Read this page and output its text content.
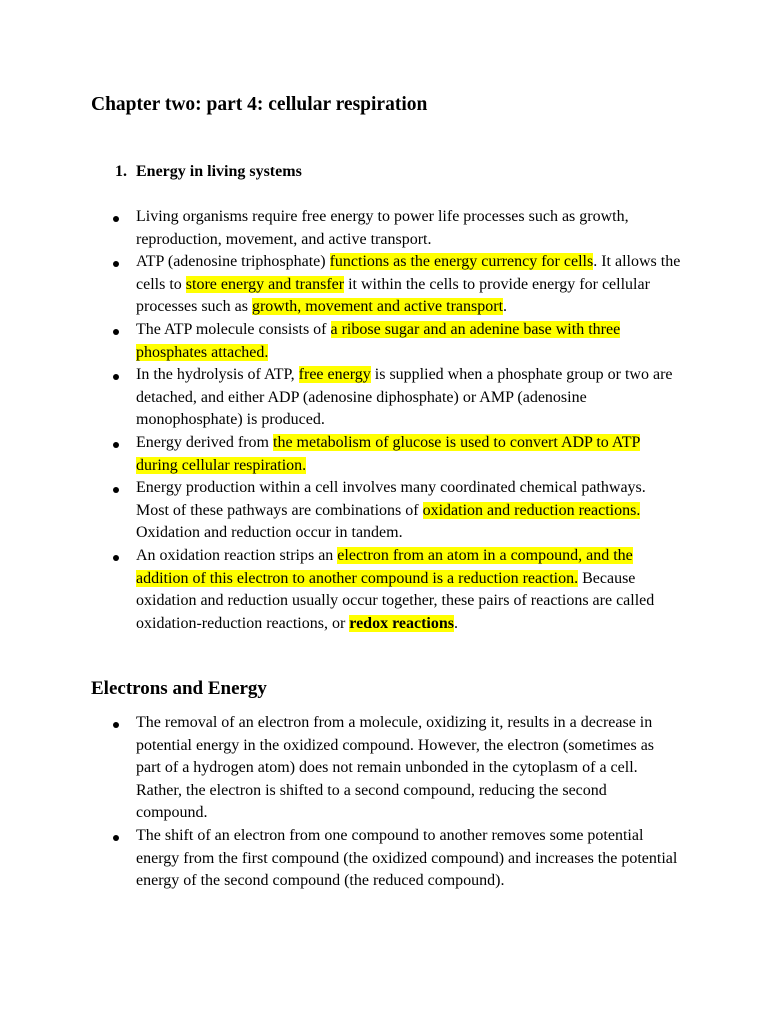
Chapter two: part 4: cellular respiration
1. Energy in living systems
Living organisms require free energy to power life processes such as growth, reproduction, movement, and active transport.
ATP (adenosine triphosphate) functions as the energy currency for cells. It allows the cells to store energy and transfer it within the cells to provide energy for cellular processes such as growth, movement and active transport.
The ATP molecule consists of a ribose sugar and an adenine base with three phosphates attached.
In the hydrolysis of ATP, free energy is supplied when a phosphate group or two are detached, and either ADP (adenosine diphosphate) or AMP (adenosine monophosphate) is produced.
Energy derived from the metabolism of glucose is used to convert ADP to ATP during cellular respiration.
Energy production within a cell involves many coordinated chemical pathways. Most of these pathways are combinations of oxidation and reduction reactions. Oxidation and reduction occur in tandem.
An oxidation reaction strips an electron from an atom in a compound, and the addition of this electron to another compound is a reduction reaction. Because oxidation and reduction usually occur together, these pairs of reactions are called oxidation-reduction reactions, or redox reactions.
Electrons and Energy
The removal of an electron from a molecule, oxidizing it, results in a decrease in potential energy in the oxidized compound. However, the electron (sometimes as part of a hydrogen atom) does not remain unbonded in the cytoplasm of a cell. Rather, the electron is shifted to a second compound, reducing the second compound.
The shift of an electron from one compound to another removes some potential energy from the first compound (the oxidized compound) and increases the potential energy of the second compound (the reduced compound).
